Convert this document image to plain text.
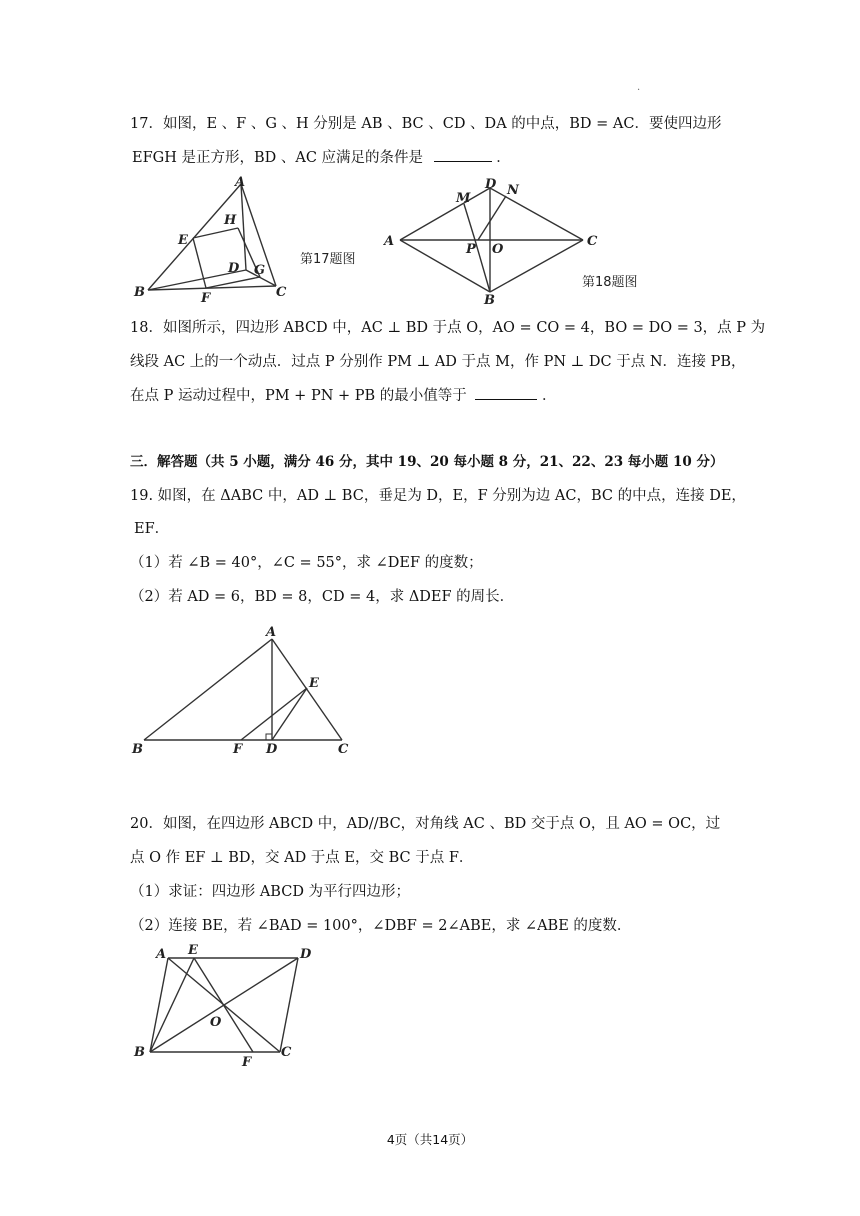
.
17．如图，E 、F 、G 、H 分别是 AB 、BC 、CD 、DA 的中点，BD = AC．要使四边形
EFGH 是正方形，BD 、AC 应满足的条件是	．
A
H
E
D G
B	F	C
第17题图
M
D N
A
P O
C
B
第18题图
18．如图所示，四边形 ABCD 中，AC ⊥ BD 于点 O，AO = CO = 4，BO = DO = 3，点 P 为
线段 AC 上的一个动点．过点 P 分别作 PM ⊥ AD 于点 M，作 PN ⊥ DC 于点 N．连接 PB，
在点 P 运动过程中，PM + PN + PB 的最小值等于	．
三．解答题（共 5 小题，满分 46 分，其中 19、20 每小题 8 分，21、22、23 每小题 10 分）
19. 如图，在 ΔABC 中，AD ⊥ BC，垂足为 D，E，F 分别为边 AC，BC 的中点，连接 DE，
EF．
（1）若 ∠B = 40°，∠C = 55°，求 ∠DEF 的度数；
（2）若 AD = 6，BD = 8，CD = 4，求 ΔDEF 的周长．
A
E
B	F D	C
20．如图，在四边形 ABCD 中，AD//BC，对角线 AC 、BD 交于点 O，且 AO = OC，过
点 O 作 EF ⊥ BD，交 AD 于点 E，交 BC 于点 F．
（1）求证：四边形 ABCD 为平行四边形；
（2）连接 BE，若 ∠BAD = 100°，∠DBF = 2∠ABE，求 ∠ABE 的度数．
A E	D
O
B
F
C
4页（共14页）
